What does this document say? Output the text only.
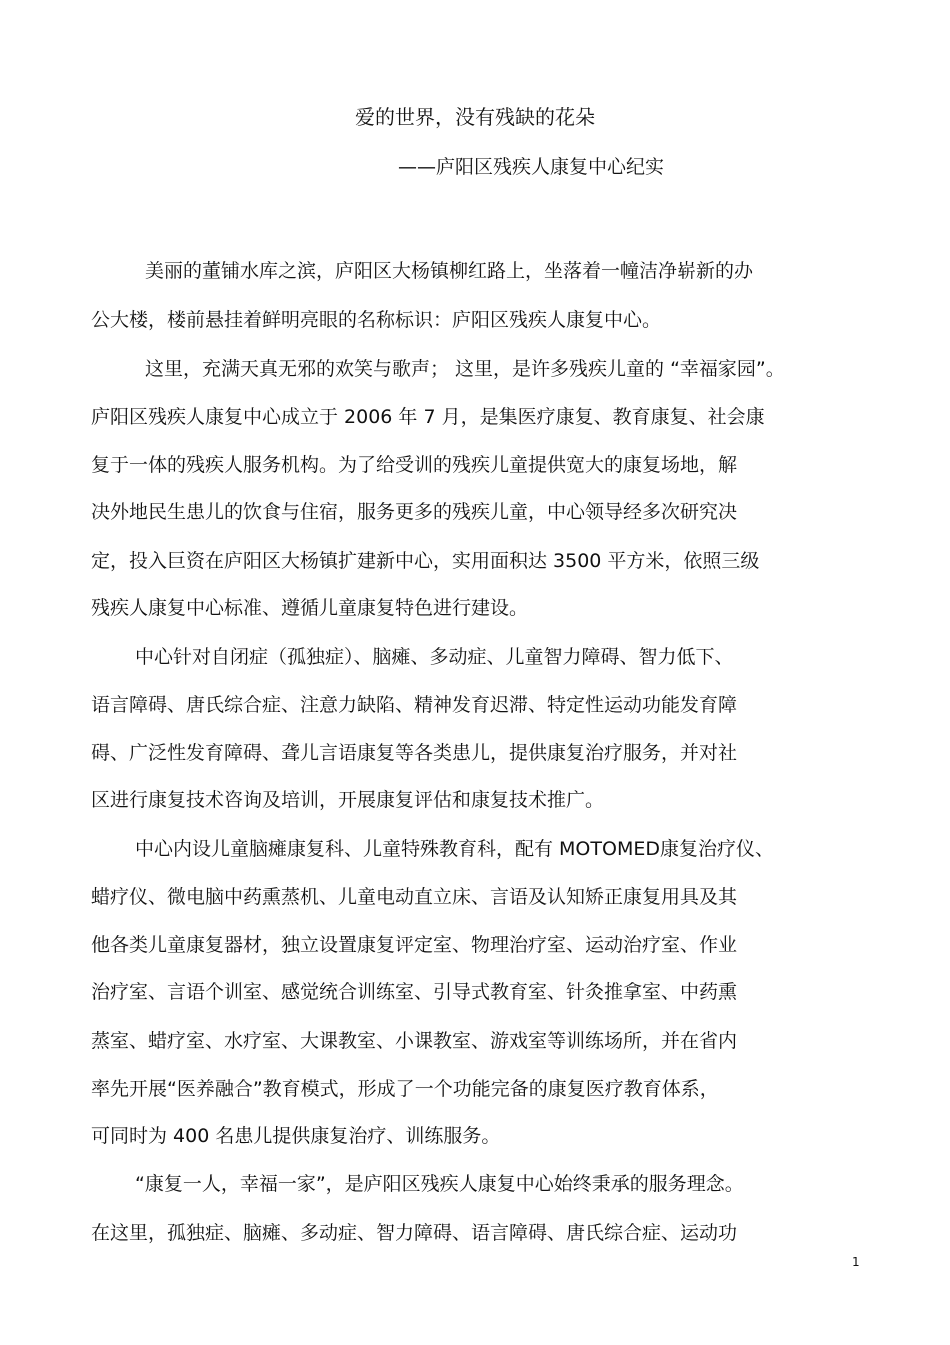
爱的世界，没有残缺的花朵
——庐阳区残疾人康复中心纪实
美丽的董铺水库之滨，庐阳区大杨镇柳红路上，坐落着一幢洁净崭新的办
公大楼，楼前悬挂着鲜明亮眼的名称标识：庐阳区残疾人康复中心。
这里，充满天真无邪的欢笑与歌声； 这里，是许多残疾儿童的 “幸福家园”。
庐阳区残疾人康复中心成立于 2006 年 7 月，是集医疗康复、教育康复、社会康
复于一体的残疾人服务机构。为了给受训的残疾儿童提供宽大的康复场地，解
决外地民生患儿的饮食与住宿，服务更多的残疾儿童，中心领导经多次研究决
定，投入巨资在庐阳区大杨镇扩建新中心，实用面积达 3500 平方米，依照三级
残疾人康复中心标准、遵循儿童康复特色进行建设。
中心针对自闭症（孤独症）、脑瘫、多动症、儿童智力障碍、智力低下、
语言障碍、唐氏综合症、注意力缺陷、精神发育迟滞、特定性运动功能发育障
碍、广泛性发育障碍、聋儿言语康复等各类患儿，提供康复治疗服务，并对社
区进行康复技术咨询及培训，开展康复评估和康复技术推广。
中心内设儿童脑瘫康复科、儿童特殊教育科，配有 MOTOMED康复治疗仪、
蜡疗仪、微电脑中药熏蒸机、儿童电动直立床、言语及认知矫正康复用具及其
他各类儿童康复器材，独立设置康复评定室、物理治疗室、运动治疗室、作业
治疗室、言语个训室、感觉统合训练室、引导式教育室、针灸推拿室、中药熏
蒸室、蜡疗室、水疗室、大课教室、小课教室、游戏室等训练场所，并在省内
率先开展“医养融合”教育模式，形成了一个功能完备的康复医疗教育体系，
可同时为 400 名患儿提供康复治疗、训练服务。
“康复一人，幸福一家”，是庐阳区残疾人康复中心始终秉承的服务理念。
在这里，孤独症、脑瘫、多动症、智力障碍、语言障碍、唐氏综合症、运动功
1
